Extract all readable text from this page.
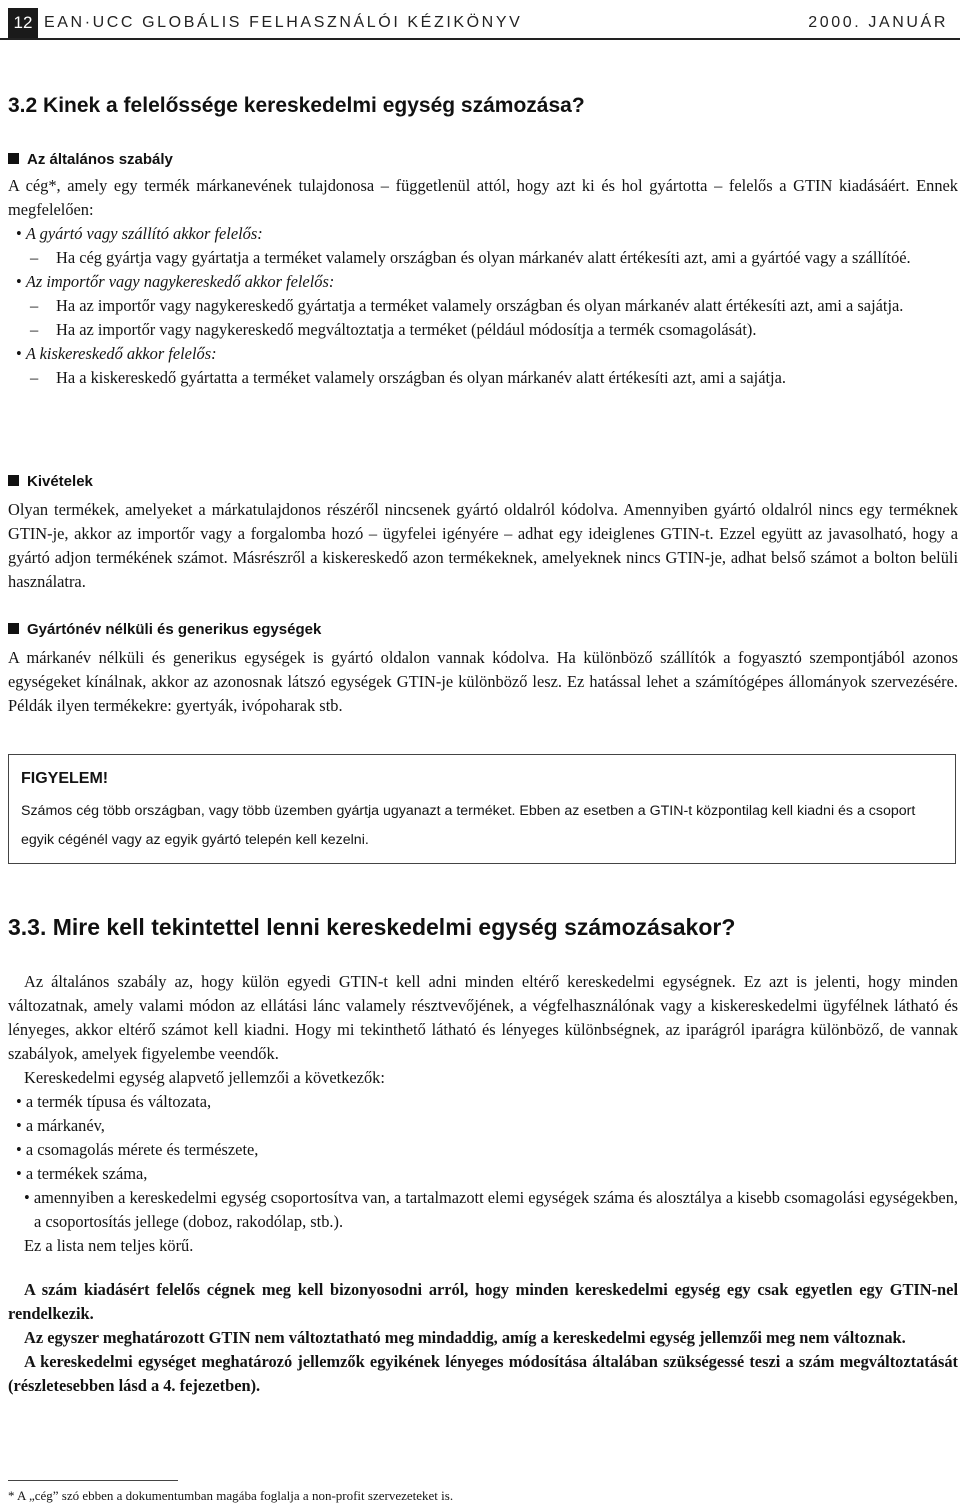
12 EAN·UCC GLOBÁLIS FELHASZNÁLÓI KÉZIKÖNYV	2000. JANUÁR
3.2 Kinek a felelőssége kereskedelmi egység számozása?
Az általános szabály

A cég*, amely egy termék márkanevének tulajdonosa – függetlenül attól, hogy azt ki és hol gyártotta – felelős a GTIN kiadásáért. Ennek megfelelően:

• A gyártó vagy szállító akkor felelős:

– Ha cég gyártja vagy gyártatja a terméket valamely országban és olyan márkanév alatt értékesíti azt, ami a gyártóé vagy a szállítóé.

• Az importőr vagy nagykereskedő akkor felelős:

– Ha az importőr vagy nagykereskedő gyártatja a terméket valamely országban és olyan márkanév alatt értékesíti azt, ami a sajátja.

– Ha az importőr vagy nagykereskedő megváltoztatja a terméket (például módosítja a termék csomagolását).

• A kiskereskedő akkor felelős:

– Ha a kiskereskedő gyártatta a terméket valamely országban és olyan márkanév alatt értékesíti azt, ami a sajátja.

Kivételek

Olyan termékek, amelyeket a márkatulajdonos részéről nincsenek gyártó oldalról kódolva. Amennyiben gyártó oldalról nincs egy terméknek GTIN-je, akkor az importőr vagy a forgalomba hozó – ügyfelei igényére – adhat egy ideiglenes GTIN-t. Ezzel együtt az javasolható, hogy a gyártó adjon termékének számot. Másrészről a kiskereskedő azon termékeknek, amelyeknek nincs GTIN-je, adhat belső számot a bolton belüli használatra.

Gyártónév nélküli és generikus egységek

A márkanév nélküli és generikus egységek is gyártó oldalon vannak kódolva. Ha különböző szállítók a fogyasztó szempontjából azonos egységeket kínálnak, akkor az azonosnak látszó egységek GTIN-je különböző lesz. Ez hatással lehet a számítógépes állományok szervezésére. Példák ilyen termékekre: gyertyák, ivópoharak stb.

FIGYELEM!
Számos cég több országban, vagy több üzemben gyártja ugyanazt a terméket. Ebben az esetben a GTIN-t központilag kell kiadni és a csoport egyik cégénél vagy az egyik gyártó telepén kell kezelni.
3.3. Mire kell tekintettel lenni kereskedelmi egység számozásakor?

Az általános szabály az, hogy külön egyedi GTIN-t kell adni minden eltérő kereskedelmi egységnek. Ez azt is jelenti, hogy minden változatnak, amely valami módon az ellátási lánc valamely résztvevőjének, a végfelhasználónak vagy a kiskereskedelmi ügyfélnek látható és lényeges, akkor eltérő számot kell kiadni. Hogy mi tekinthető látható és lényeges különbségnek, az iparágról iparágra különböző, de vannak szabályok, amelyek figyelembe veendők.

Kereskedelmi egység alapvető jellemzői a következők:

• a termék típusa és változata,

• a márkanév,

• a csomagolás mérete és természete,

• a termékek száma,

• amennyiben a kereskedelmi egység csoportosítva van, a tartalmazott elemi egységek száma és alosztálya a kisebb csomagolási egységekben, a csoportosítás jellege (doboz, rakodólap, stb.).

Ez a lista nem teljes körű.

A szám kiadásért felelős cégnek meg kell bizonyosodni arról, hogy minden kereskedelmi egység egy csak egyetlen egy GTIN-nel rendelkezik.

Az egyszer meghatározott GTIN nem változtatható meg mindaddig, amíg a kereskedelmi egység jellemzői meg nem változnak.

A kereskedelmi egységet meghatározó jellemzők egyikének lényeges módosítása általában szükségessé teszi a szám megváltoztatását (részletesebben lásd a 4. fejezetben).

* A „cég” szó ebben a dokumentumban magába foglalja a non-profit szervezeteket is.
